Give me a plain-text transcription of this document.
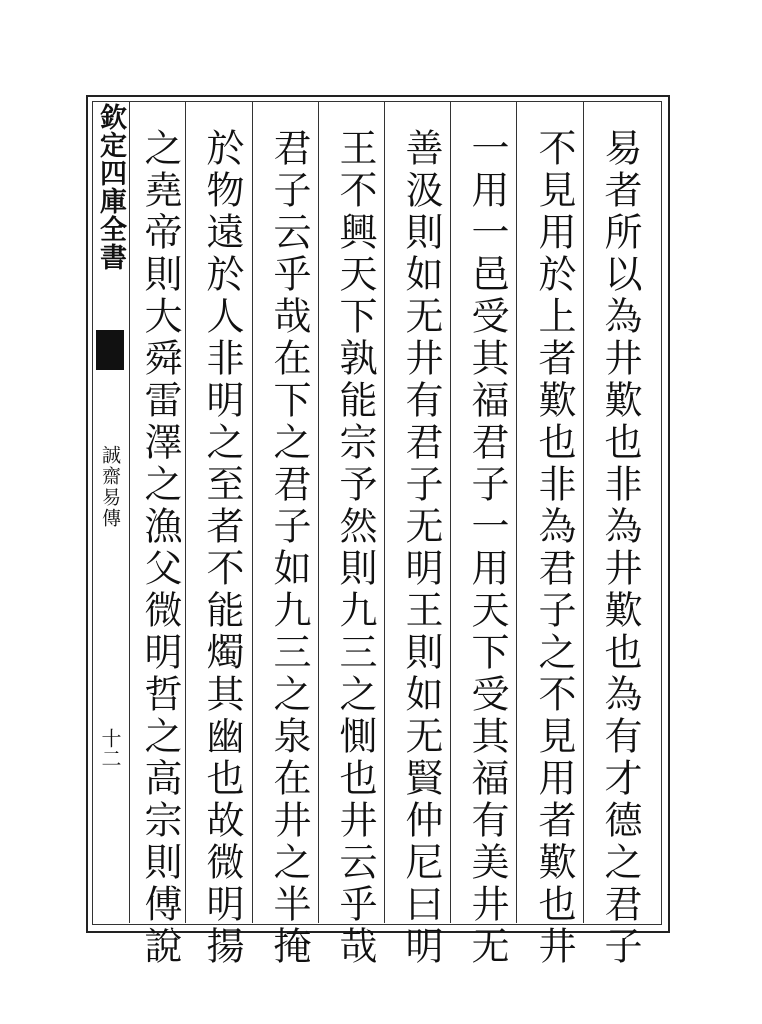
欽定四庫全書
誠齋易傳
十二	易者所以為井歎也非為井歎也為有才德之君子
不見用於上者歎也非為君子之不見用者歎也井
一用一邑受其福君子一用天下受其福有美井无
善汲則如无井有君子无明王則如无賢仲尼曰明
王不興天下孰能宗予然則九三之惻也井云乎哉
君子云乎哉在下之君子如九三之泉在井之半掩
於物遠於人非明之至者不能燭其幽也故微明揚
之堯帝則大舜雷澤之漁父微明哲之高宗則傅說
